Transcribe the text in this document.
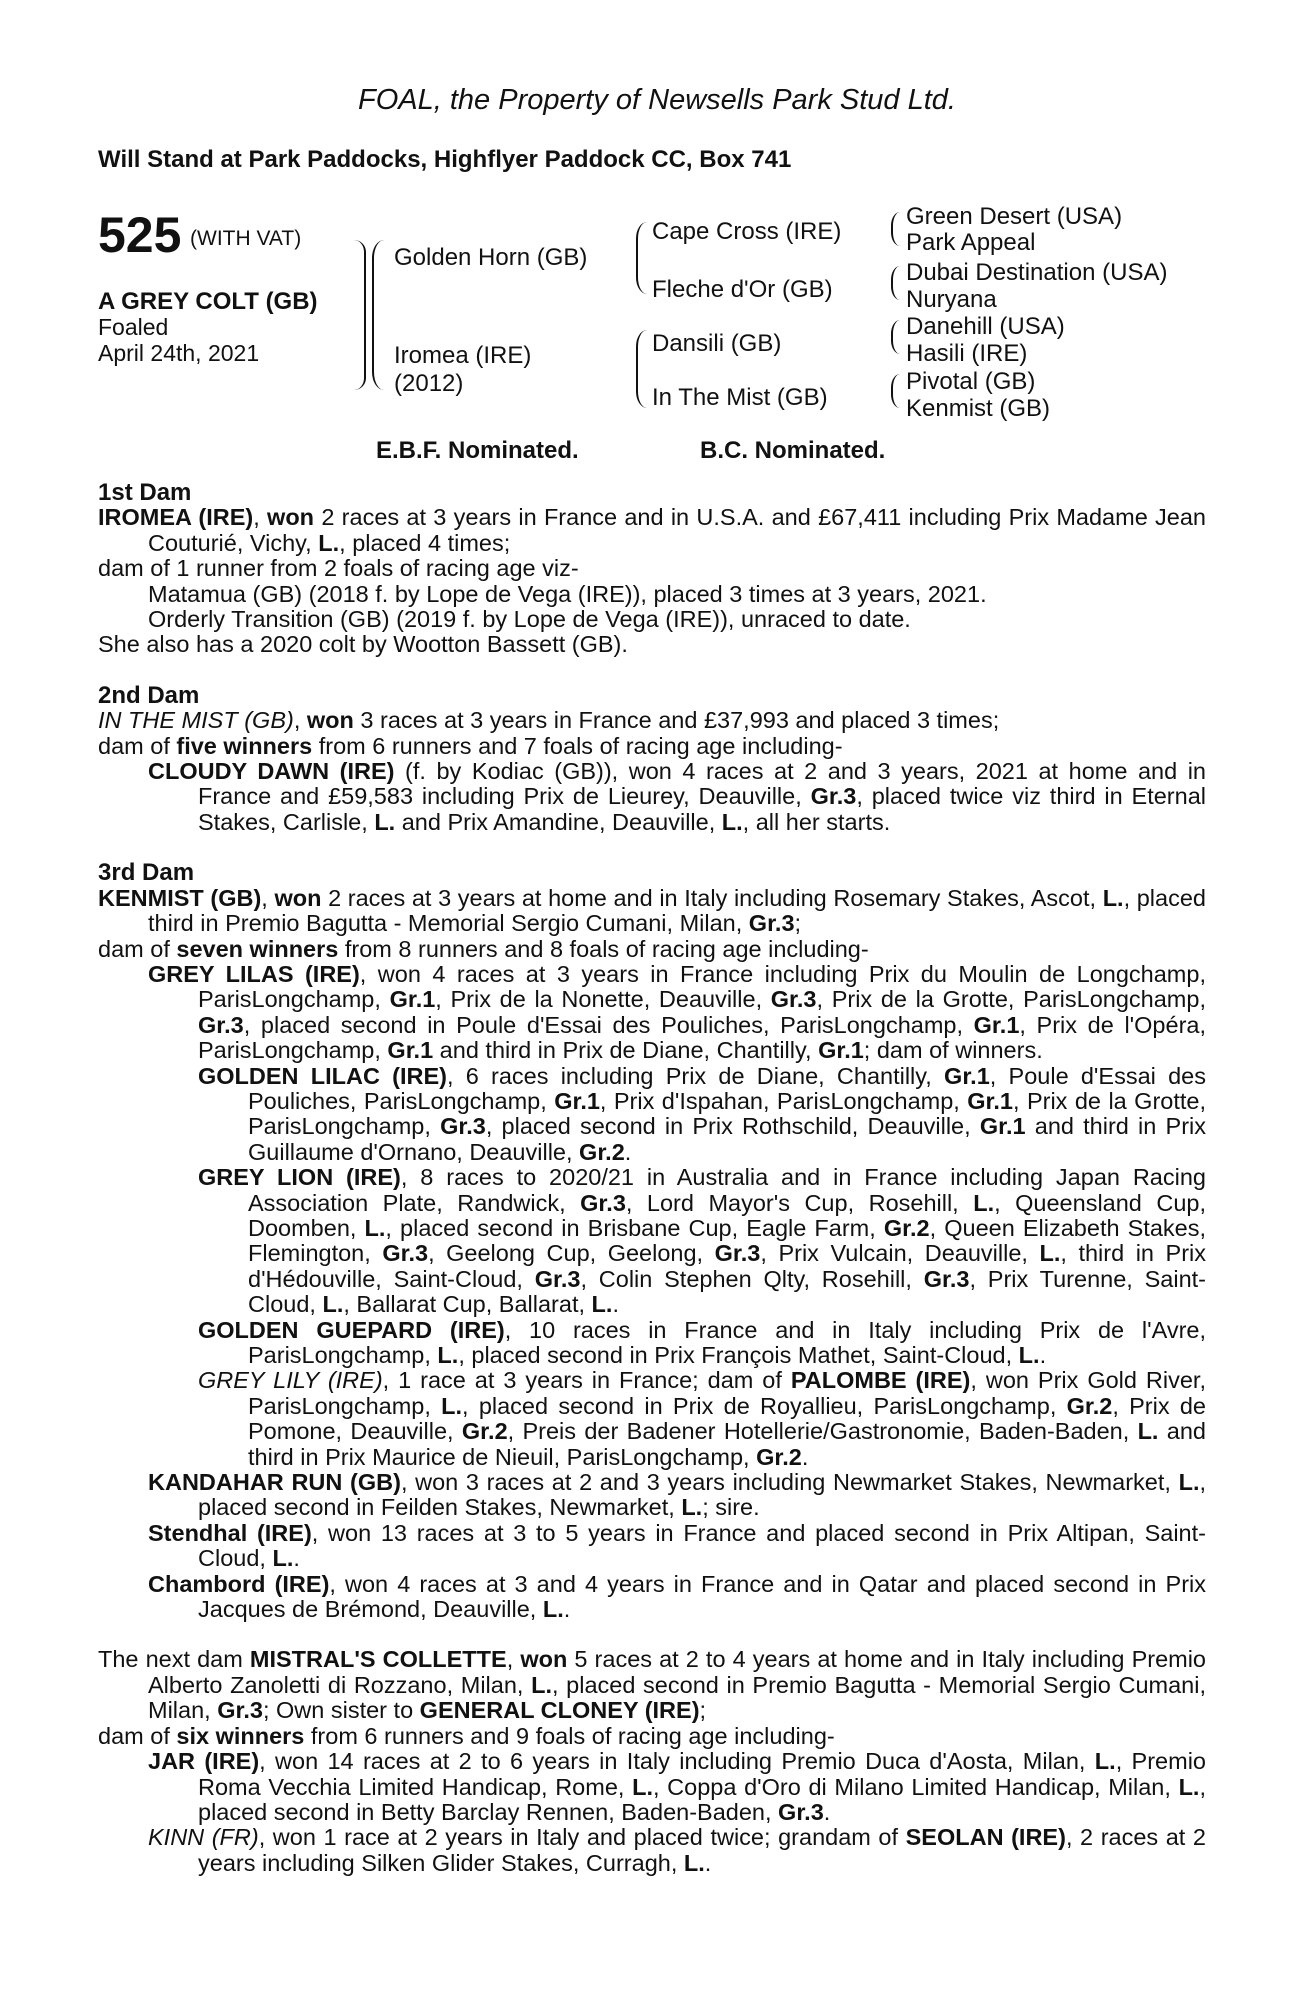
FOAL, the Property of Newsells Park Stud Ltd.
Will Stand at Park Paddocks, Highflyer Paddock CC, Box 741
525 (WITH VAT)
A GREY COLT (GB)
Foaled
April 24th, 2021
Golden Horn (GB)
Iromea (IRE)
(2012)
Cape Cross (IRE)
Fleche d'Or (GB)
Dansili (GB)
In The Mist (GB)
Green Desert (USA)
Park Appeal
Dubai Destination (USA)
Nuryana
Danehill (USA)
Hasili (IRE)
Pivotal (GB)
Kenmist (GB)
E.B.F. Nominated.	B.C. Nominated.

1st Dam

IROMEA (IRE), won 2 races at 3 years in France and in U.S.A. and £67,411 including Prix Madame Jean Couturié, Vichy, L., placed 4 times;

dam of 1 runner from 2 foals of racing age viz-

Matamua (GB) (2018 f. by Lope de Vega (IRE)), placed 3 times at 3 years, 2021.

Orderly Transition (GB) (2019 f. by Lope de Vega (IRE)), unraced to date.

She also has a 2020 colt by Wootton Bassett (GB).

2nd Dam

IN THE MIST (GB), won 3 races at 3 years in France and £37,993 and placed 3 times;

dam of five winners from 6 runners and 7 foals of racing age including-

CLOUDY DAWN (IRE) (f. by Kodiac (GB)), won 4 races at 2 and 3 years, 2021 at home and in France and £59,583 including Prix de Lieurey, Deauville, Gr.3, placed twice viz third in Eternal Stakes, Carlisle, L. and Prix Amandine, Deauville, L., all her starts.

3rd Dam

KENMIST (GB), won 2 races at 3 years at home and in Italy including Rosemary Stakes, Ascot, L., placed third in Premio Bagutta - Memorial Sergio Cumani, Milan, Gr.3;

dam of seven winners from 8 runners and 8 foals of racing age including-

GREY LILAS (IRE), won 4 races at 3 years in France including Prix du Moulin de Longchamp, ParisLongchamp, Gr.1, Prix de la Nonette, Deauville, Gr.3, Prix de la Grotte, ParisLongchamp, Gr.3, placed second in Poule d'Essai des Pouliches, ParisLongchamp, Gr.1, Prix de l'Opéra, ParisLongchamp, Gr.1 and third in Prix de Diane, Chantilly, Gr.1; dam of winners.

GOLDEN LILAC (IRE), 6 races including Prix de Diane, Chantilly, Gr.1, Poule d'Essai des Pouliches, ParisLongchamp, Gr.1, Prix d'Ispahan, ParisLongchamp, Gr.1, Prix de la Grotte, ParisLongchamp, Gr.3, placed second in Prix Rothschild, Deauville, Gr.1 and third in Prix Guillaume d'Ornano, Deauville, Gr.2.

GREY LION (IRE), 8 races to 2020/21 in Australia and in France including Japan Racing Association Plate, Randwick, Gr.3, Lord Mayor's Cup, Rosehill, L., Queensland Cup, Doomben, L., placed second in Brisbane Cup, Eagle Farm, Gr.2, Queen Elizabeth Stakes, Flemington, Gr.3, Geelong Cup, Geelong, Gr.3, Prix Vulcain, Deauville, L., third in Prix d'Hédouville, Saint-Cloud, Gr.3, Colin Stephen Qlty, Rosehill, Gr.3, Prix Turenne, Saint-Cloud, L., Ballarat Cup, Ballarat, L..

GOLDEN GUEPARD (IRE), 10 races in France and in Italy including Prix de l'Avre, ParisLongchamp, L., placed second in Prix François Mathet, Saint-Cloud, L..

GREY LILY (IRE), 1 race at 3 years in France; dam of PALOMBE (IRE), won Prix Gold River, ParisLongchamp, L., placed second in Prix de Royallieu, ParisLongchamp, Gr.2, Prix de Pomone, Deauville, Gr.2, Preis der Badener Hotellerie/Gastronomie, Baden-Baden, L. and third in Prix Maurice de Nieuil, ParisLongchamp, Gr.2.

KANDAHAR RUN (GB), won 3 races at 2 and 3 years including Newmarket Stakes, Newmarket, L., placed second in Feilden Stakes, Newmarket, L.; sire.

Stendhal (IRE), won 13 races at 3 to 5 years in France and placed second in Prix Altipan, Saint-Cloud, L..

Chambord (IRE), won 4 races at 3 and 4 years in France and in Qatar and placed second in Prix Jacques de Brémond, Deauville, L..

The next dam MISTRAL'S COLLETTE, won 5 races at 2 to 4 years at home and in Italy including Premio Alberto Zanoletti di Rozzano, Milan, L., placed second in Premio Bagutta - Memorial Sergio Cumani, Milan, Gr.3; Own sister to GENERAL CLONEY (IRE);

dam of six winners from 6 runners and 9 foals of racing age including-

JAR (IRE), won 14 races at 2 to 6 years in Italy including Premio Duca d'Aosta, Milan, L., Premio Roma Vecchia Limited Handicap, Rome, L., Coppa d'Oro di Milano Limited Handicap, Milan, L., placed second in Betty Barclay Rennen, Baden-Baden, Gr.3.

KINN (FR), won 1 race at 2 years in Italy and placed twice; grandam of SEOLAN (IRE), 2 races at 2 years including Silken Glider Stakes, Curragh, L..
